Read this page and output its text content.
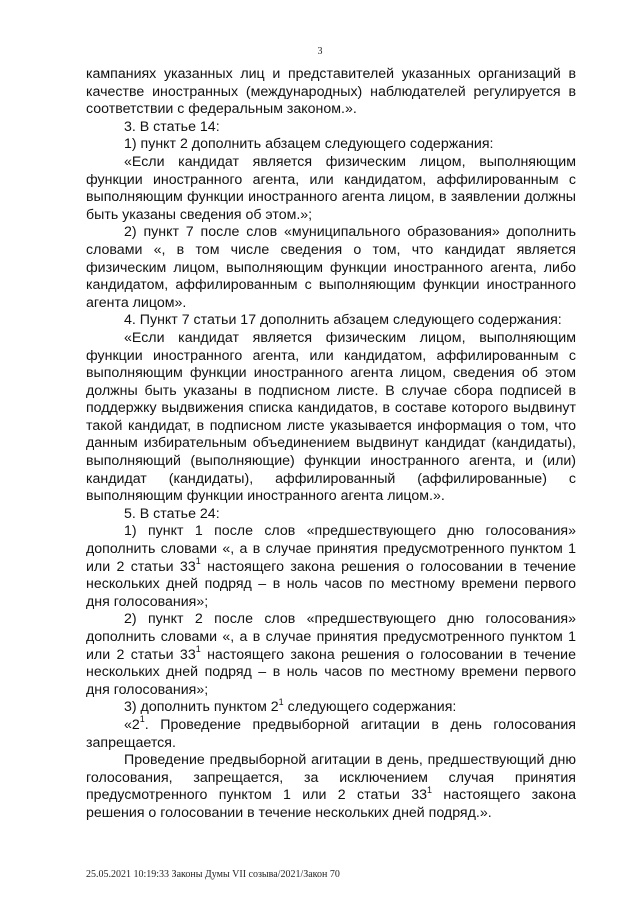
3

кампаниях указанных лиц и представителей указанных организаций в качестве иностранных (международных) наблюдателей регулируется в соответствии с федеральным законом.».

3. В статье 14:

1) пункт 2 дополнить абзацем следующего содержания:

«Если кандидат является физическим лицом, выполняющим функции иностранного агента, или кандидатом, аффилированным с выполняющим функции иностранного агента лицом, в заявлении должны быть указаны сведения об этом.»;

2) пункт 7 после слов «муниципального образования» дополнить словами «, в том числе сведения о том, что кандидат является физическим лицом, выполняющим функции иностранного агента, либо кандидатом, аффилированным с выполняющим функции иностранного агента лицом».

4. Пункт 7 статьи 17 дополнить абзацем следующего содержания:

«Если кандидат является физическим лицом, выполняющим функции иностранного агента, или кандидатом, аффилированным с выполняющим функции иностранного агента лицом, сведения об этом должны быть указаны в подписном листе. В случае сбора подписей в поддержку выдвижения списка кандидатов, в составе которого выдвинут такой кандидат, в подписном листе указывается информация о том, что данным избирательным объединением выдвинут кандидат (кандидаты), выполняющий (выполняющие) функции иностранного агента, и (или) кандидат (кандидаты), аффилированный (аффилированные) с выполняющим функции иностранного агента лицом.».

5. В статье 24:

1) пункт 1 после слов «предшествующего дню голосования» дополнить словами «, а в случае принятия предусмотренного пунктом 1 или 2 статьи $33^1$ настоящего закона решения о голосовании в течение нескольких дней подряд – в ноль часов по местному времени первого дня голосования»;

2) пункт 2 после слов «предшествующего дню голосования» дополнить словами «, а в случае принятия предусмотренного пунктом 1 или 2 статьи $33^1$ настоящего закона решения о голосовании в течение нескольких дней подряд – в ноль часов по местному времени первого дня голосования»;

3) дополнить пунктом $2^1$ следующего содержания:

«$2^1$. Проведение предвыборной агитации в день голосования запрещается.

Проведение предвыборной агитации в день, предшествующий дню голосования, запрещается, за исключением случая принятия предусмотренного пунктом 1 или 2 статьи $33^1$ настоящего закона решения о голосовании в течение нескольких дней подряд.».

25.05.2021 10:19:33 Законы Думы VII созыва/2021/Закон 70
